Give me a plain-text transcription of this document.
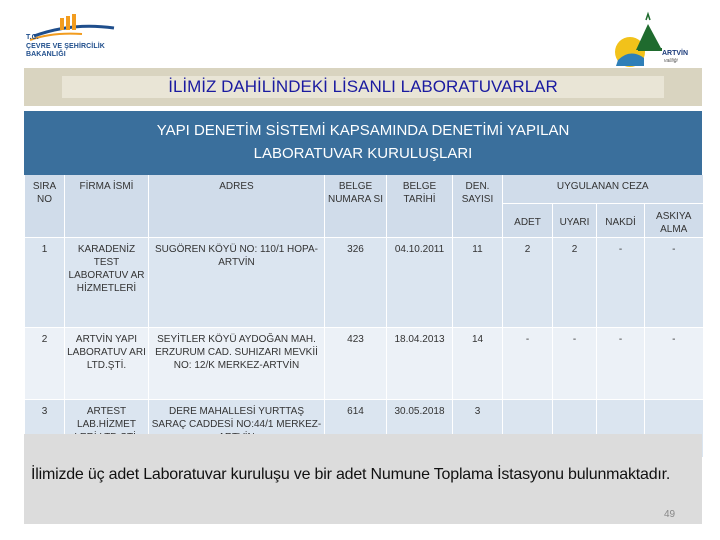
T.C.
ÇEVRE VE ŞEHİRCİLİK
BAKANLIĞI	ARTVİN
valiliği
İLİMİZ DAHİLİNDEKİ LİSANLI LABORATUVARLAR
YAPI DENETİM SİSTEMİ KAPSAMINDA DENETİMİ YAPILAN
LABORATUVAR KURULUŞLARI
SIRA NO	FİRMA İSMİ	ADRES	BELGE NUMARA SI	BELGE TARİHİ	DEN. SAYISI	UYGULANAN CEZA			
						ADET	UYARI	NAKDİ	ASKIYA ALMA
1	KARADENİZ TEST LABORATUV AR HİZMETLERİ	SUGÖREN KÖYÜ NO: 110/1 HOPA-ARTVİN	326	04.10.2011	11	2	2	-	-
2	ARTVİN YAPI LABORATUV ARI LTD.ŞTİ.	SEYİTLER KÖYÜ AYDOĞAN MAH. ERZURUM CAD. SUHIZARI MEVKİİ NO: 12/K MERKEZ-ARTVİN	423	18.04.2013	14	-	-	-	-
3	ARTEST LAB.HİZMET	DERE MAHALLESİ YURTTAŞ SARAÇ CADDESİ NO:44/1 MERKEZ-	614	30.05.2018	3				
İlimizde üç adet Laboratuvar kuruluşu ve bir adet Numune Toplama İstasyonu bulunmaktadır.
49
